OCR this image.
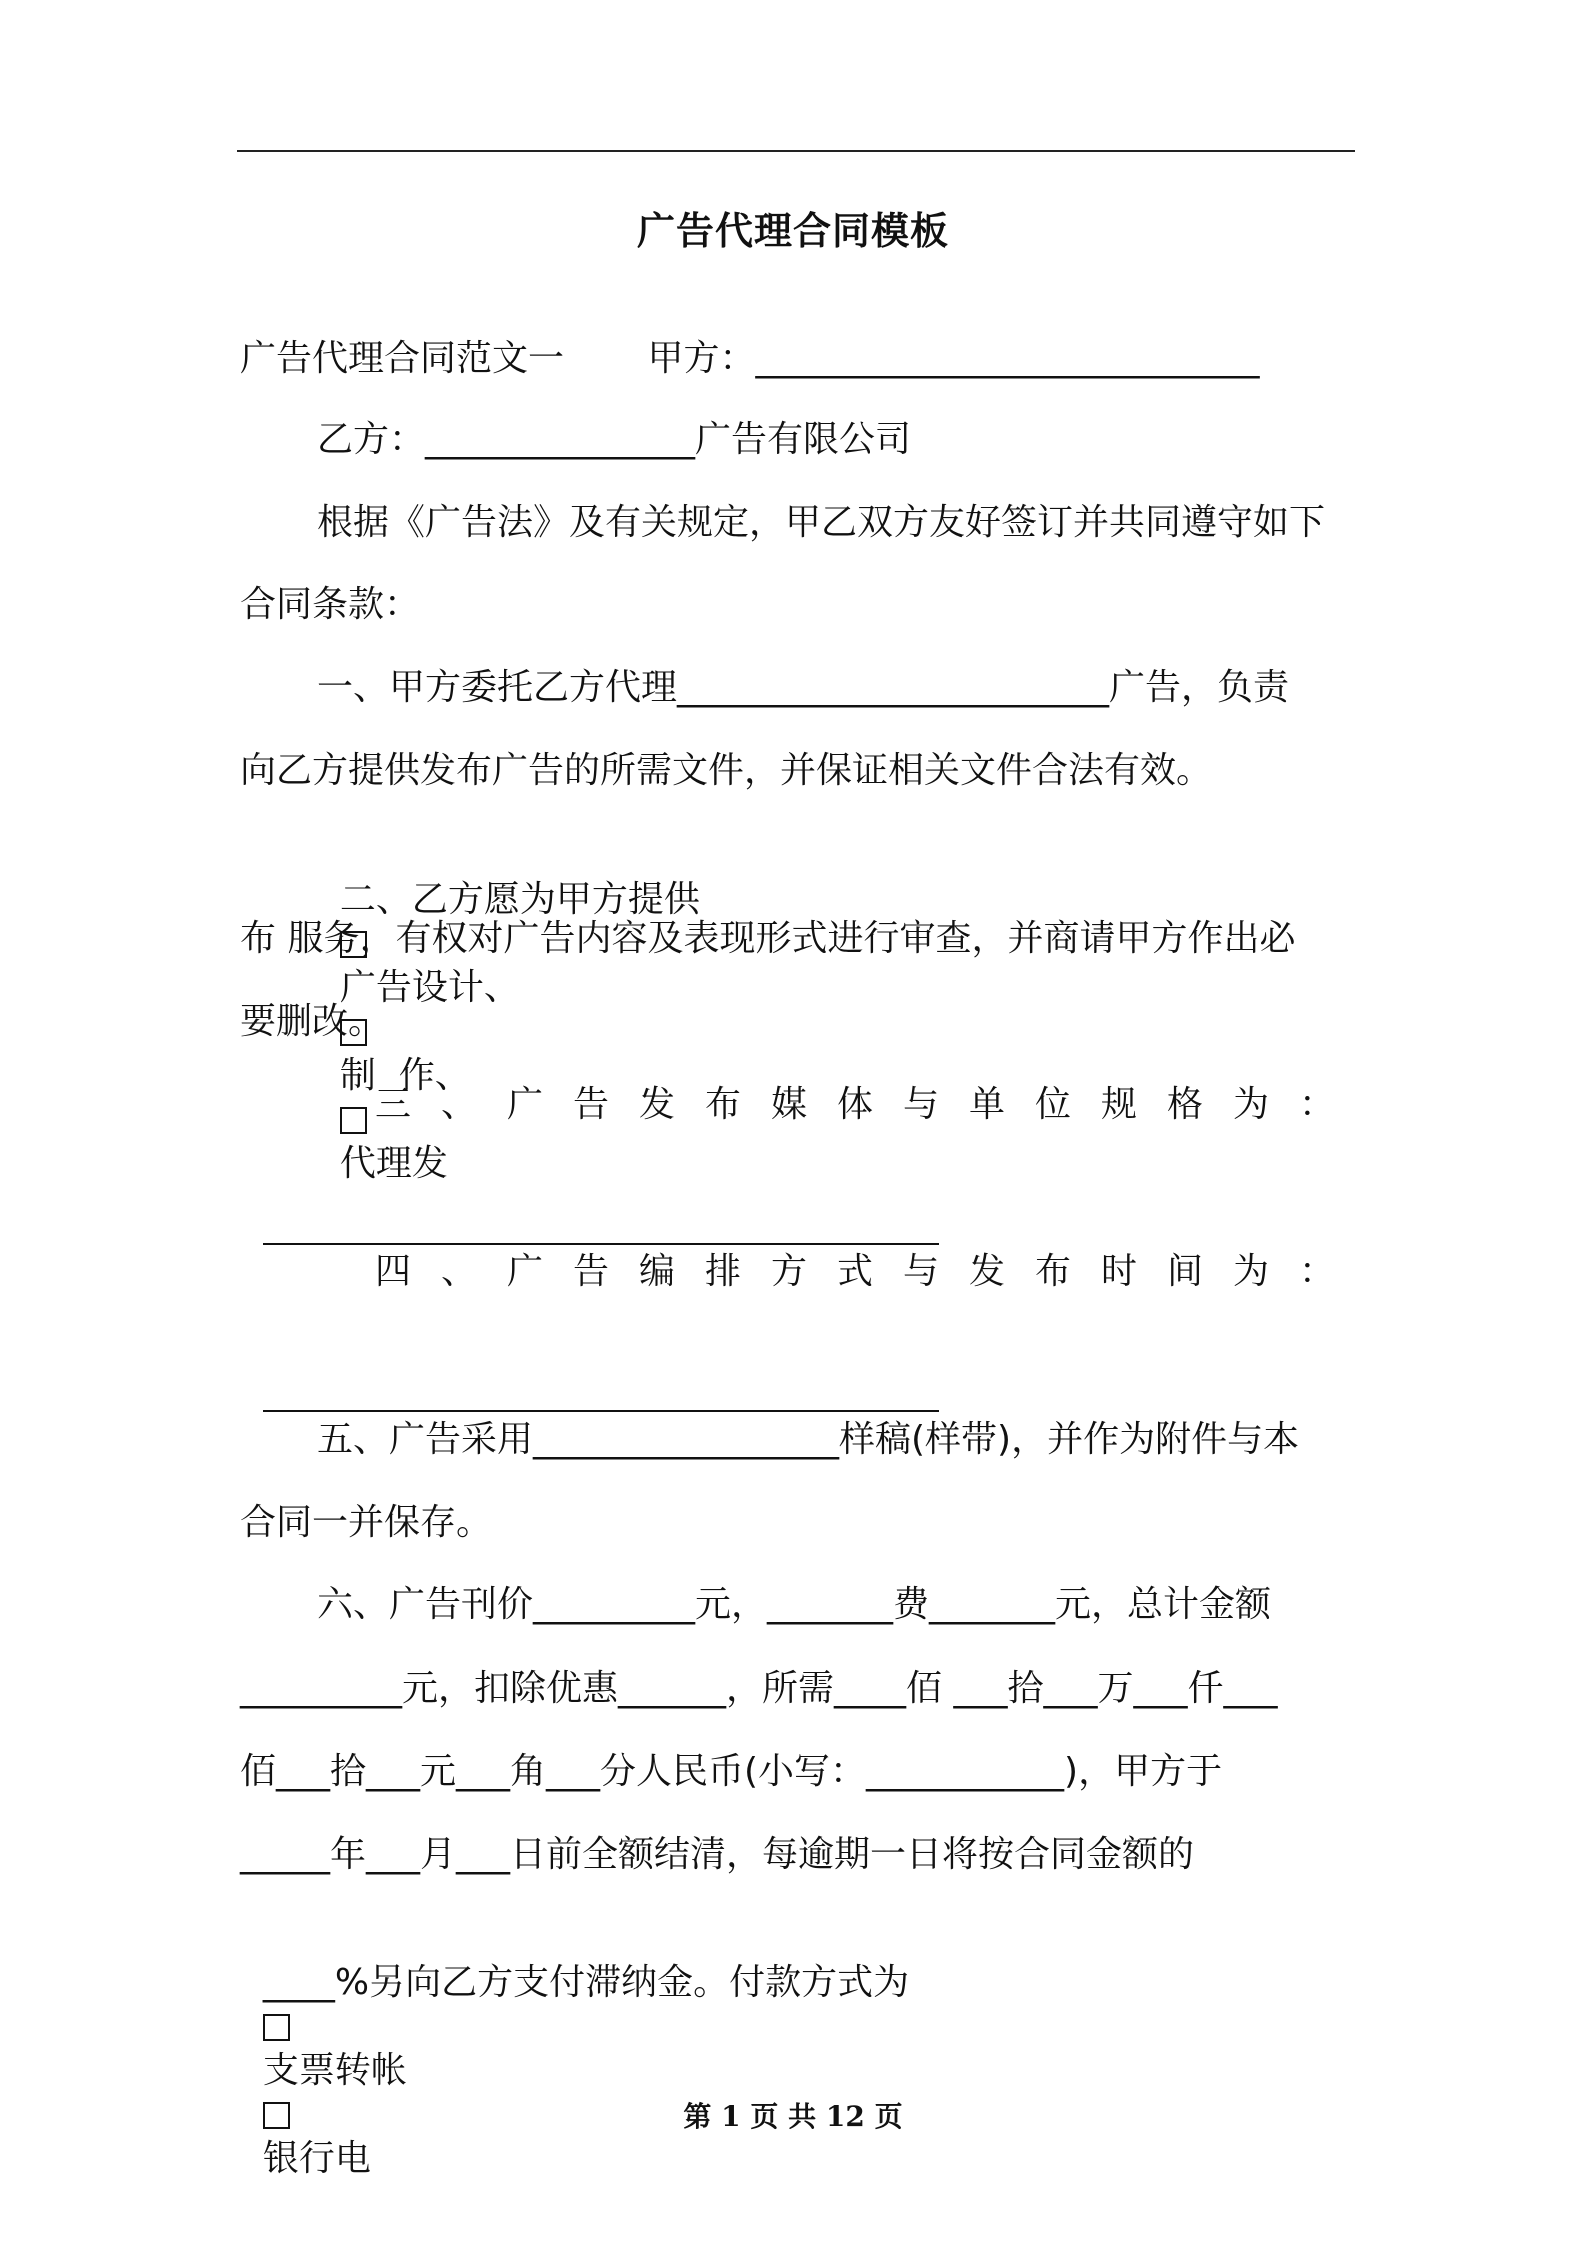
广告代理合同模板
广告代理合同范文一　　 甲方：____________________________
乙方：_______________广告有限公司
根据《广告法》及有关规定，甲乙双方友好签订并共同遵守如下
合同条款：
一、甲方委托乙方代理________________________广告，负责
向乙方提供发布广告的所需文件，并保证相关文件合法有效。

二、乙方愿为甲方提供

广告设计、

制  作、

代理发

布 服务，有权对广告内容及表现形式进行审查，并商请甲方作出必
要删改。
三、广告发布媒体与单位规格为：

四、广告编排方式与发布时间为：

五、广告采用_________________样稿(样带)，并作为附件与本
合同一并保存。
六、广告刊价_________元，_______费_______元，总计金额
_________元，扣除优惠______，所需____佰 ___拾___万___仟___
佰___拾___元___角___分人民币(小写：___________)，甲方于
_____年___月___日前全额结清，每逾期一日将按合同金额的

____%另向乙方支付滞纳金。付款方式为

支票转帐

银行电

第 1 页 共 12 页
